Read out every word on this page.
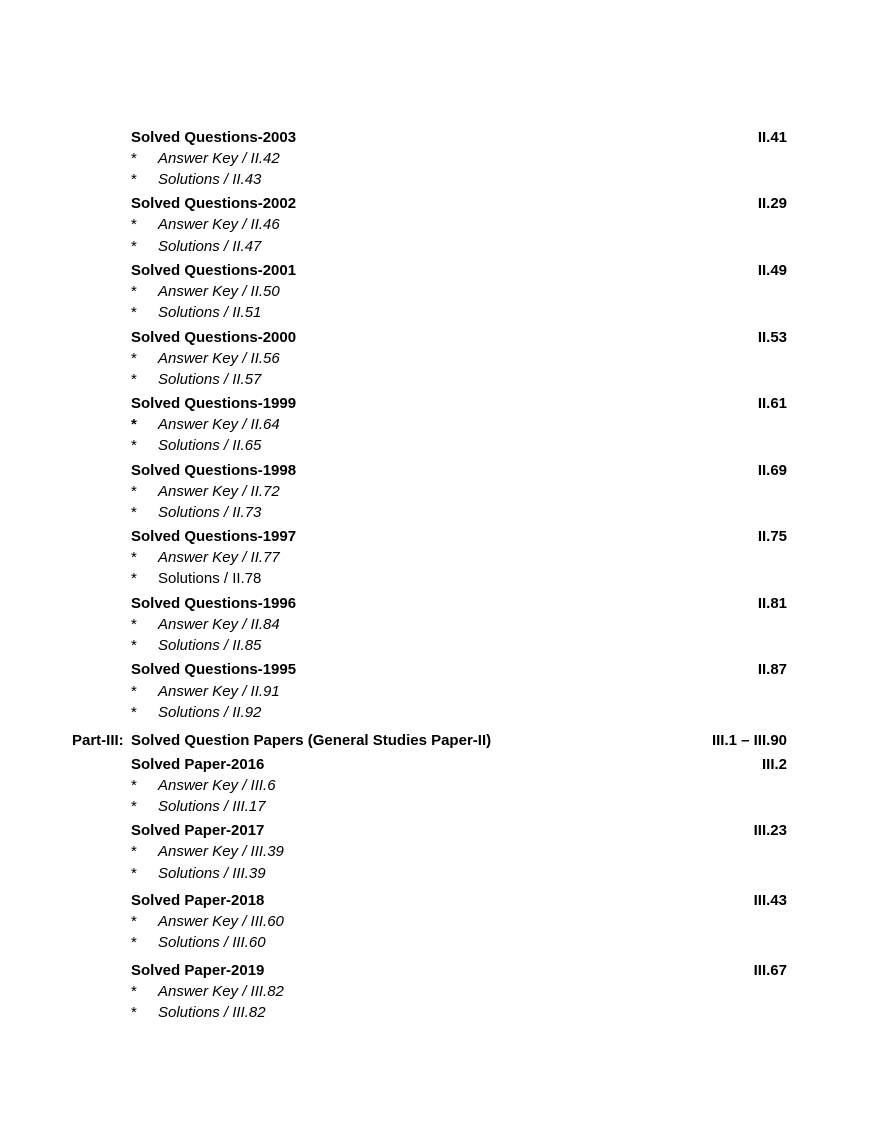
Solved Questions-2003	II.41
*	Answer Key / II.42
*	Solutions / II.43
Solved Questions-2002	II.29
*	Answer Key / II.46
*	Solutions / II.47
Solved Questions-2001	II.49
*	Answer Key / II.50
*	Solutions / II.51
Solved Questions-2000	II.53
*	Answer Key / II.56
*	Solutions / II.57
Solved Questions-1999	II.61
*	Answer Key / II.64
*	Solutions / II.65
Solved Questions-1998	II.69
*	Answer Key / II.72
*	Solutions / II.73
Solved Questions-1997	II.75
*	Answer Key / II.77
*	Solutions / II.78
Solved Questions-1996	II.81
*	Answer Key / II.84
*	Solutions / II.85
Solved Questions-1995	II.87
*	Answer Key / II.91
*	Solutions / II.92
Part-III: Solved Question Papers (General Studies Paper-II)	III.1 – III.90
Solved Paper-2016	III.2
*	Answer Key / III.6
*	Solutions / III.17
Solved Paper-2017	III.23
*	Answer Key / III.39
*	Solutions / III.39
Solved Paper-2018	III.43
*	Answer Key / III.60
*	Solutions / III.60
Solved Paper-2019	III.67
*	Answer Key / III.82
*	Solutions / III.82
